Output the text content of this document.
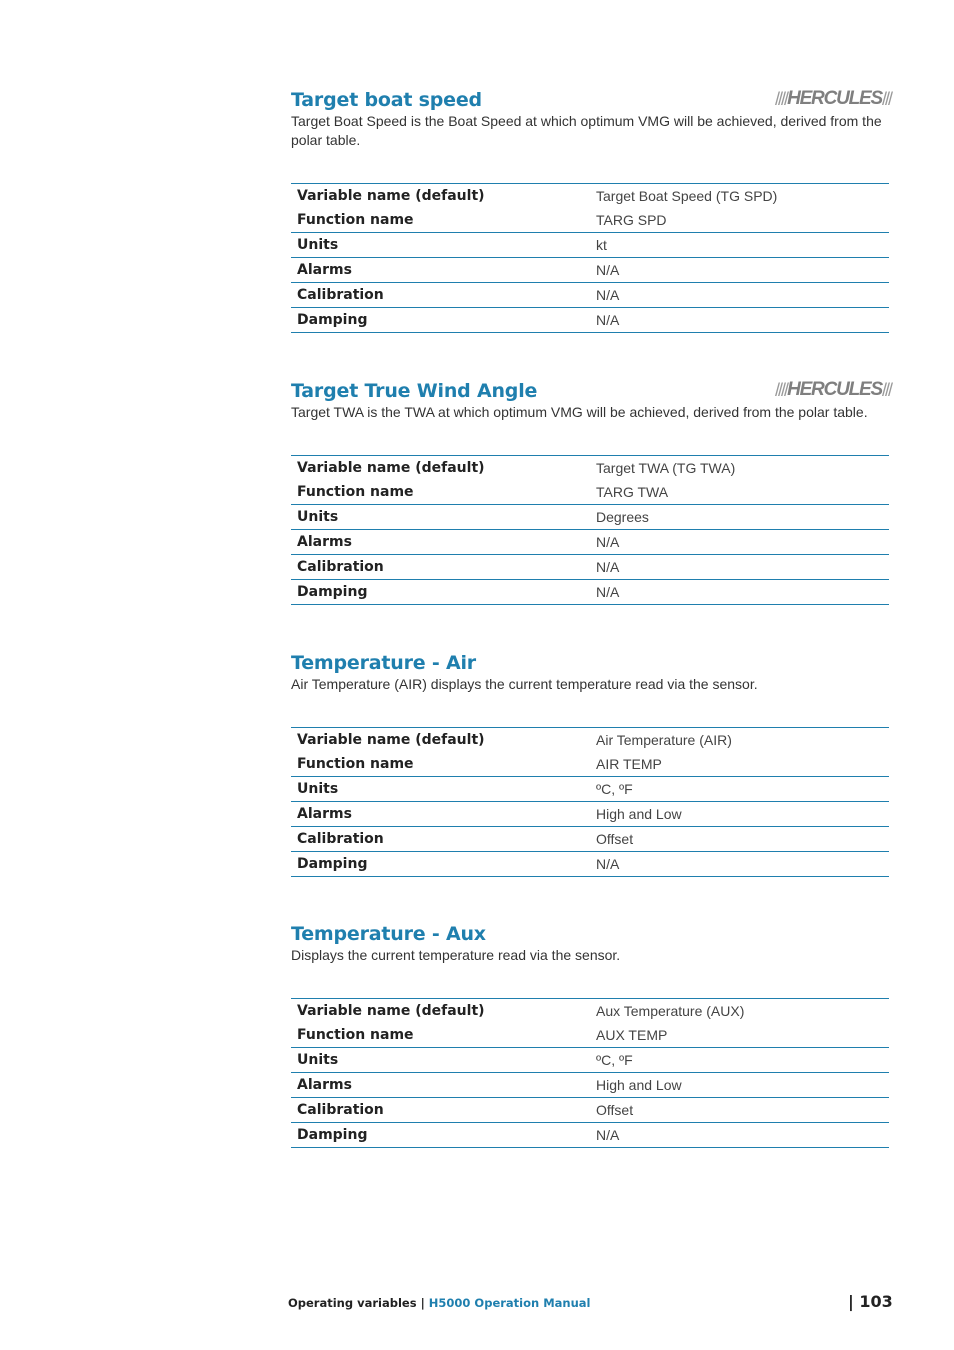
Target boat speed	//// HERCULES ///
Target Boat Speed is the Boat Speed at which optimum VMG will be achieved, derived from the polar table.
Variable name (default)	Target Boat Speed (TG SPD)
Function name	TARG SPD
Units	kt
Alarms	N/A
Calibration	N/A
Damping	N/A
Target True Wind Angle	//// HERCULES ///
Target TWA is the TWA at which optimum VMG will be achieved, derived from the polar table.
Variable name (default)	Target TWA (TG TWA)
Function name	TARG TWA
Units	Degrees
Alarms	N/A
Calibration	N/A
Damping	N/A
Temperature - Air
Air Temperature (AIR) displays the current temperature read via the sensor.
Variable name (default)	Air Temperature (AIR)
Function name	AIR TEMP
Units	ºC, ºF
Alarms	High and Low
Calibration	Offset
Damping	N/A
Temperature - Aux
Displays the current temperature read via the sensor.
Variable name (default)	Aux Temperature (AUX)
Function name	AUX TEMP
Units	ºC, ºF
Alarms	High and Low
Calibration	Offset
Damping	N/A
Operating variables | H5000 Operation Manual	| 103
